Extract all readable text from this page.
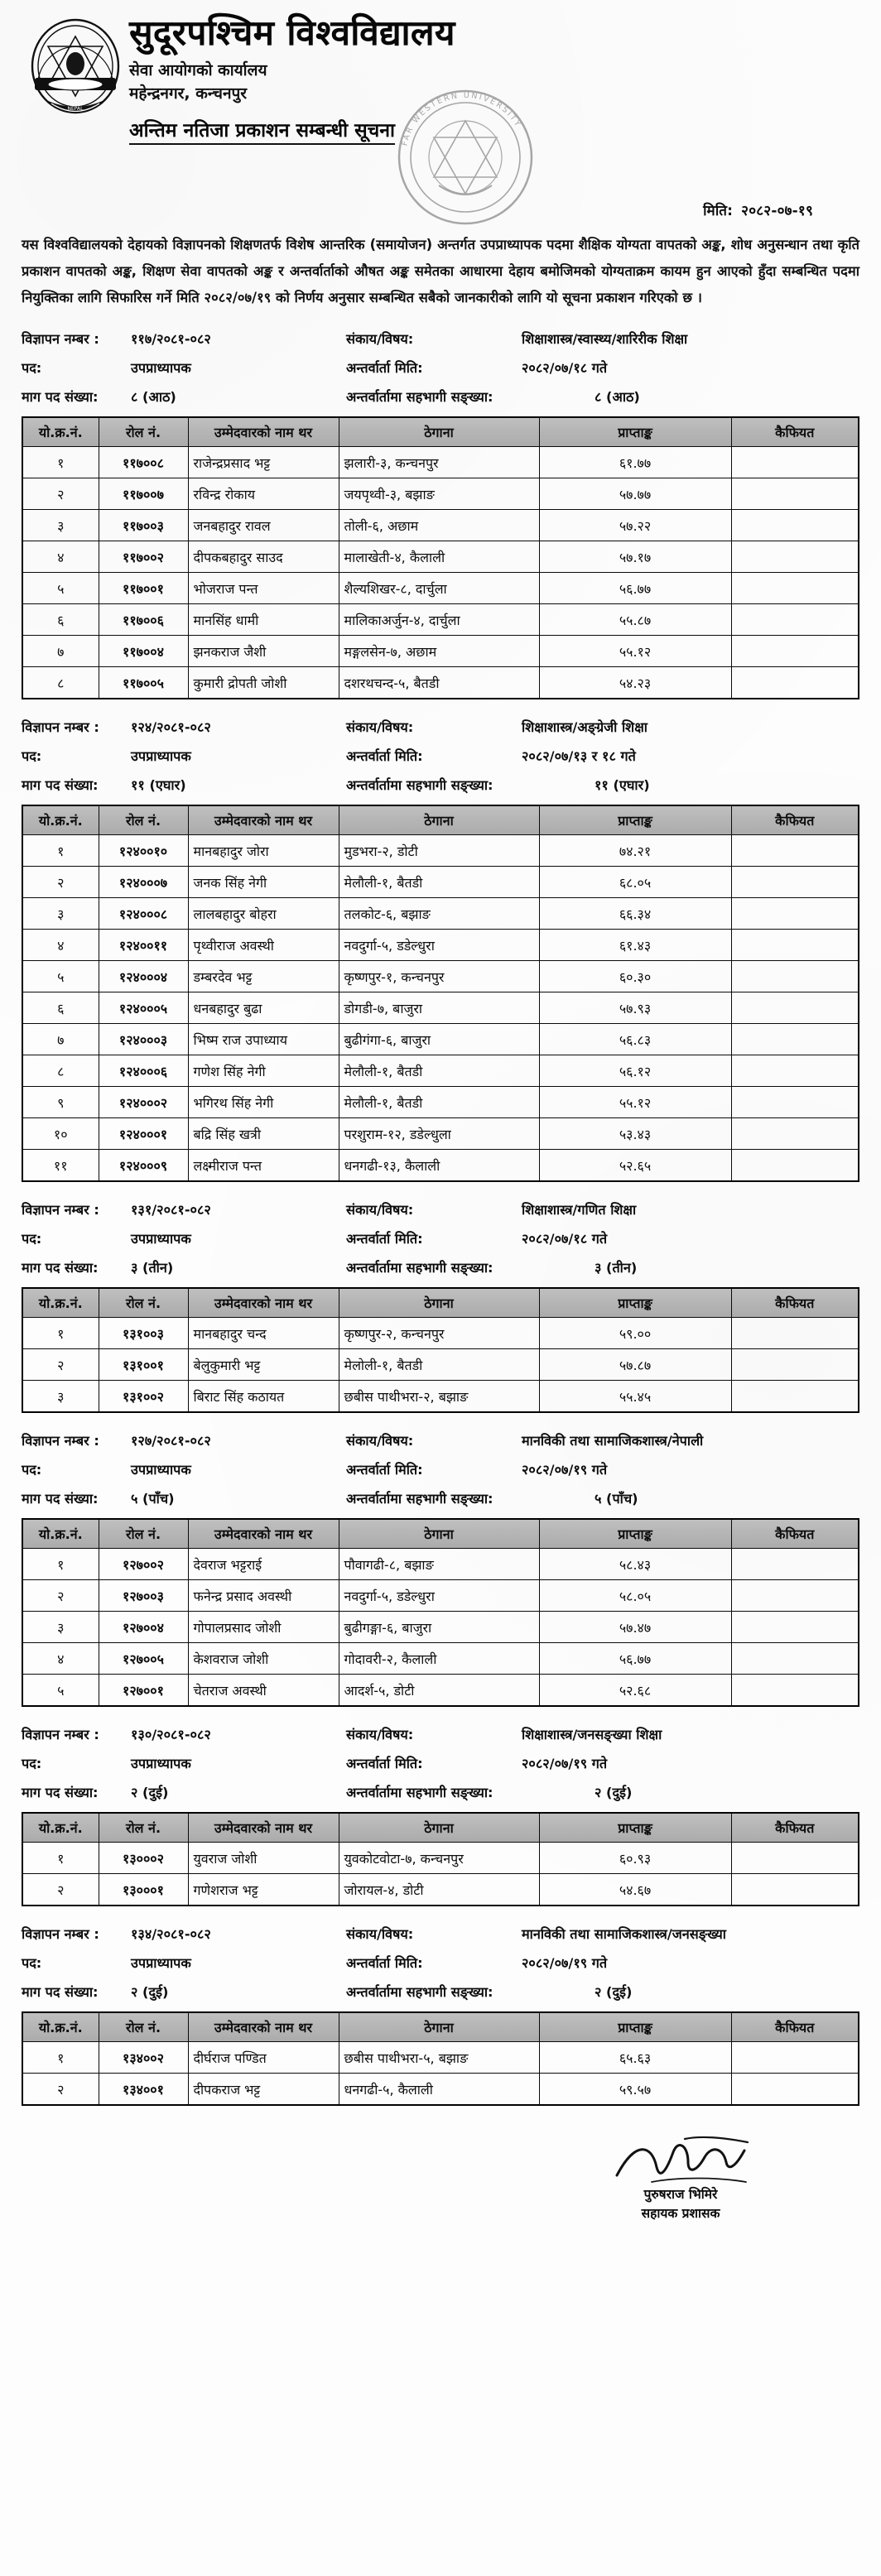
NEPAL
सुदूरपश्चिम विश्वविद्यालय
सेवा आयोगको कार्यालय
महेन्द्रनगर, कन्चनपुर
अन्तिम नतिजा प्रकाशन सम्बन्धी सूचना
FAR WESTERN UNIVERSITY
मिति: २०८२-०७-१९

यस विश्वविद्यालयको देहायको विज्ञापनको शिक्षणतर्फ विशेष आन्तरिक (समायोजन) अन्तर्गत उपप्राध्यापक पदमा शैक्षिक योग्यता वापतको अङ्क, शोध अनुसन्धान तथा कृति प्रकाशन वापतको अङ्क, शिक्षण सेवा वापतको अङ्क र अन्तर्वार्ताको औषत अङ्क समेतका आधारमा देहाय बमोजिमको योग्यताक्रम कायम हुन आएको हुँदा सम्बन्धित पदमा नियुक्तिका लागि सिफारिस गर्ने मिति २०८२/०७/१९ को निर्णय अनुसार सम्बन्धित सबैको जानकारीको लागि यो सूचना प्रकाशन गरिएको छ ।

विज्ञापन नम्बर :	११७/२०८१-०८२	संकाय/विषय:	शिक्षाशास्त्र/स्वास्थ्य/शारिरीक शिक्षा
पद:	उपप्राध्यापक	अन्तर्वार्ता मिति:	२०८२/०७/१८ गते
माग पद संख्या:	८ (आठ)	अन्तर्वार्तामा सहभागी सङ्ख्या:	८ (आठ)
यो.क्र.नं.	रोल नं.	उम्मेदवारको नाम थर	ठेगाना	प्राप्ताङ्क	कैफियत
१	११७००८	राजेन्द्रप्रसाद भट्ट	झलारी-३, कन्चनपुर	६१.७७	
२	११७००७	रविन्द्र रोकाय	जयपृथ्वी-३, बझाङ	५७.७७	
३	११७००३	जनबहादुर रावल	तोली-६, अछाम	५७.२२	
४	११७००२	दीपकबहादुर साउद	मालाखेती-४, कैलाली	५७.१७	
५	११७००१	भोजराज पन्त	शैल्यशिखर-८, दार्चुला	५६.७७	
६	११७००६	मानसिंह धामी	मालिकाअर्जुन-४, दार्चुला	५५.८७	
७	११७००४	झनकराज जैशी	मङ्गलसेन-७, अछाम	५५.१२	
८	११७००५	कुमारी द्रोपती जोशी	दशरथचन्द-५, बैतडी	५४.२३	
विज्ञापन नम्बर :	१२४/२०८१-०८२	संकाय/विषय:	शिक्षाशास्त्र/अङ्ग्रेजी शिक्षा
पद:	उपप्राध्यापक	अन्तर्वार्ता मिति:	२०८२/०७/१३ र १८ गते
माग पद संख्या:	११ (एघार)	अन्तर्वार्तामा सहभागी सङ्ख्या:	११ (एघार)
यो.क्र.नं.	रोल नं.	उम्मेदवारको नाम थर	ठेगाना	प्राप्ताङ्क	कैफियत
१	१२४००१०	मानबहादुर जोरा	मुडभरा-२, डोटी	७४.२१	
२	१२४०००७	जनक सिंह नेगी	मेलौली-१, बैतडी	६८.०५	
३	१२४०००८	लालबहादुर बोहरा	तलकोट-६, बझाङ	६६.३४	
४	१२४००११	पृथ्वीराज अवस्थी	नवदुर्गा-५, डडेल्धुरा	६१.४३	
५	१२४०००४	डम्बरदेव भट्ट	कृष्णपुर-१, कन्चनपुर	६०.३०	
६	१२४०००५	धनबहादुर बुढा	डोगडी-७, बाजुरा	५७.९३	
७	१२४०००३	भिष्म राज उपाध्याय	बुढीगंगा-६, बाजुरा	५६.८३	
८	१२४०००६	गणेश सिंह नेगी	मेलौली-१, बैतडी	५६.१२	
९	१२४०००२	भगिरथ सिंह नेगी	मेलौली-१, बैतडी	५५.१२	
१०	१२४०००१	बद्रि सिंह खत्री	परशुराम-१२, डडेल्धुला	५३.४३	
११	१२४०००९	लक्ष्मीराज पन्त	धनगढी-१३, कैलाली	५२.६५	
विज्ञापन नम्बर :	१३१/२०८१-०८२	संकाय/विषय:	शिक्षाशास्त्र/गणित शिक्षा
पद:	उपप्राध्यापक	अन्तर्वार्ता मिति:	२०८२/०७/१८ गते
माग पद संख्या:	३ (तीन)	अन्तर्वार्तामा सहभागी सङ्ख्या:	३ (तीन)
यो.क्र.नं.	रोल नं.	उम्मेदवारको नाम थर	ठेगाना	प्राप्ताङ्क	कैफियत
१	१३१००३	मानबहादुर चन्द	कृष्णपुर-२, कन्चनपुर	५९.००	
२	१३१००१	बेलुकुमारी भट्ट	मेलोली-१, बैतडी	५७.८७	
३	१३१००२	बिराट सिंह कठायत	छबीस पाथीभरा-२, बझाङ	५५.४५	
विज्ञापन नम्बर :	१२७/२०८१-०८२	संकाय/विषय:	मानविकी तथा सामाजिकशास्त्र/नेपाली
पद:	उपप्राध्यापक	अन्तर्वार्ता मिति:	२०८२/०७/१९ गते
माग पद संख्या:	५ (पाँच)	अन्तर्वार्तामा सहभागी सङ्ख्या:	५ (पाँच)
यो.क्र.नं.	रोल नं.	उम्मेदवारको नाम थर	ठेगाना	प्राप्ताङ्क	कैफियत
१	१२७००२	देवराज भट्टराई	पौवागढी-८, बझाङ	५८.४३	
२	१२७००३	फनेन्द्र प्रसाद अवस्थी	नवदुर्गा-५, डडेल्धुरा	५८.०५	
३	१२७००४	गोपालप्रसाद जोशी	बुढीगङ्गा-६, बाजुरा	५७.४७	
४	१२७००५	केशवराज जोशी	गोदावरी-२, कैलाली	५६.७७	
५	१२७००१	चेतराज अवस्थी	आदर्श-५, डोटी	५२.६८	
विज्ञापन नम्बर :	१३०/२०८१-०८२	संकाय/विषय:	शिक्षाशास्त्र/जनसङ्ख्या शिक्षा
पद:	उपप्राध्यापक	अन्तर्वार्ता मिति:	२०८२/०७/१९ गते
माग पद संख्या:	२ (दुई)	अन्तर्वार्तामा सहभागी सङ्ख्या:	२ (दुई)
यो.क्र.नं.	रोल नं.	उम्मेदवारको नाम थर	ठेगाना	प्राप्ताङ्क	कैफियत
१	१३०००२	युवराज जोशी	युवकाेटवोटा-७, कन्चनपुर	६०.९३	
२	१३०००१	गणेशराज भट्ट	जोरायल-४, डोटी	५४.६७	
विज्ञापन नम्बर :	१३४/२०८१-०८२	संकाय/विषय:	मानविकी तथा सामाजिकशास्त्र/जनसङ्ख्या
पद:	उपप्राध्यापक	अन्तर्वार्ता मिति:	२०८२/०७/१९ गते
माग पद संख्या:	२ (दुई)	अन्तर्वार्तामा सहभागी सङ्ख्या:	२ (दुई)
यो.क्र.नं.	रोल नं.	उम्मेदवारको नाम थर	ठेगाना	प्राप्ताङ्क	कैफियत
१	१३४००२	दीर्घराज पण्डित	छबीस पाथीभरा-५, बझाङ	६५.६३	
२	१३४००१	दीपकराज भट्ट	धनगढी-५, कैलाली	५९.५७	
पुरुषराज भिमिरे
सहायक प्रशासक
